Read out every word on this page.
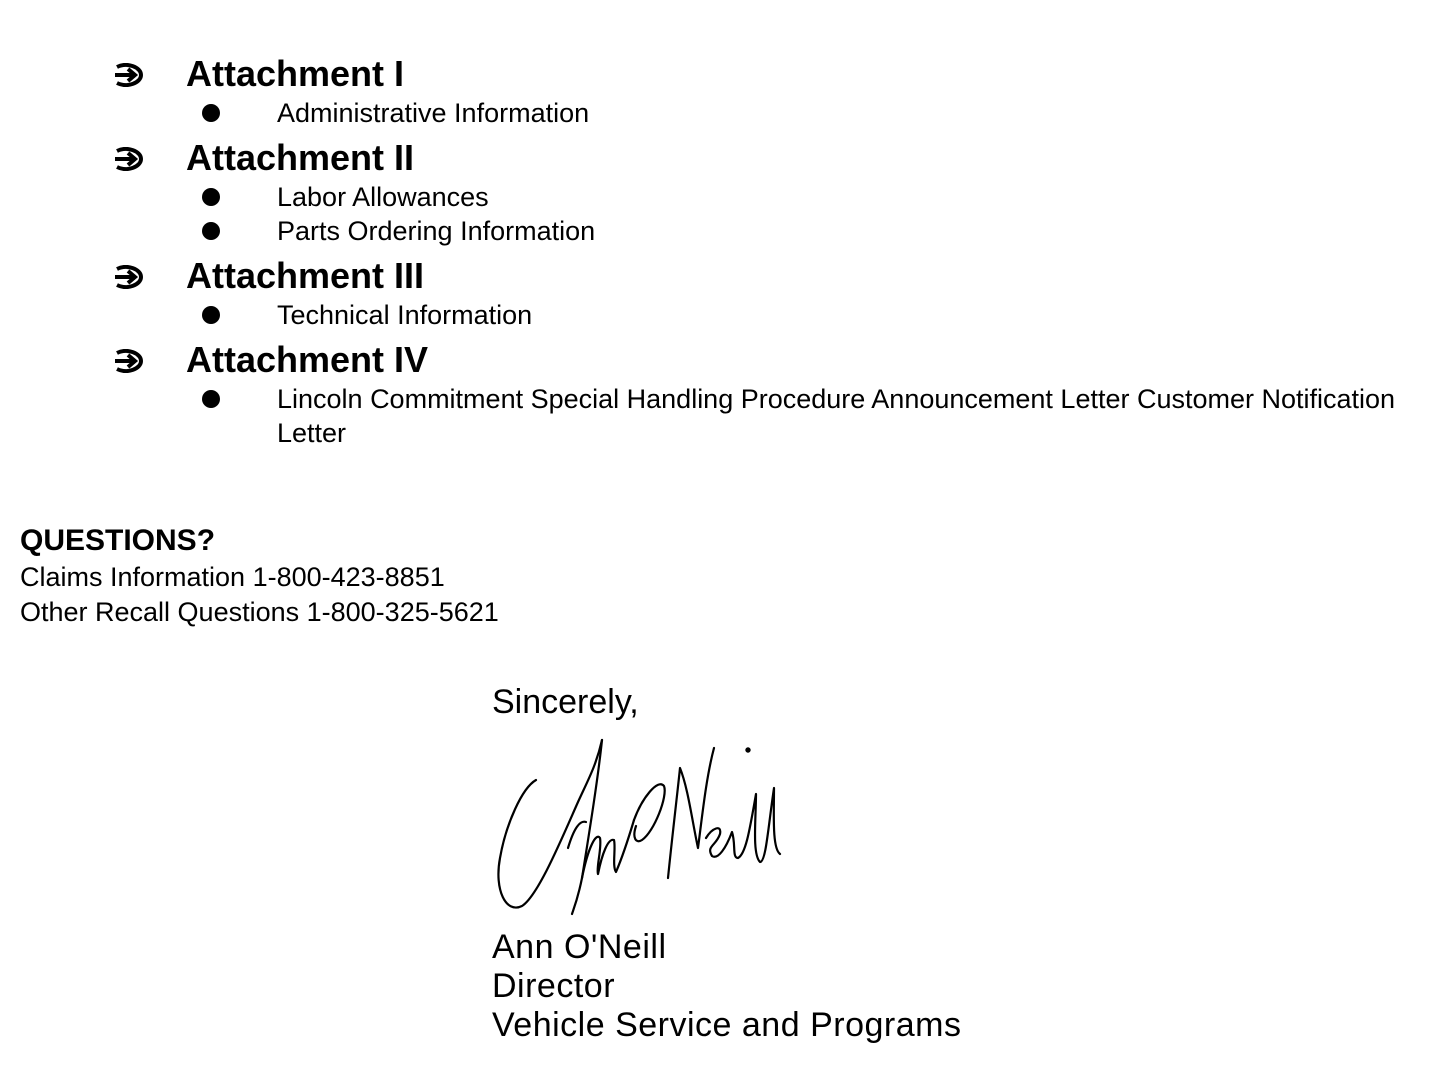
Attachment I
Administrative Information
Attachment II
Labor Allowances
Parts Ordering Information
Attachment III
Technical Information
Attachment IV
Lincoln Commitment Special Handling Procedure Announcement Letter Customer Notification Letter
QUESTIONS?
Claims Information 1-800-423-8851
Other Recall Questions 1-800-325-5621
Sincerely,
Ann O'Neill
Director
Vehicle Service and Programs
